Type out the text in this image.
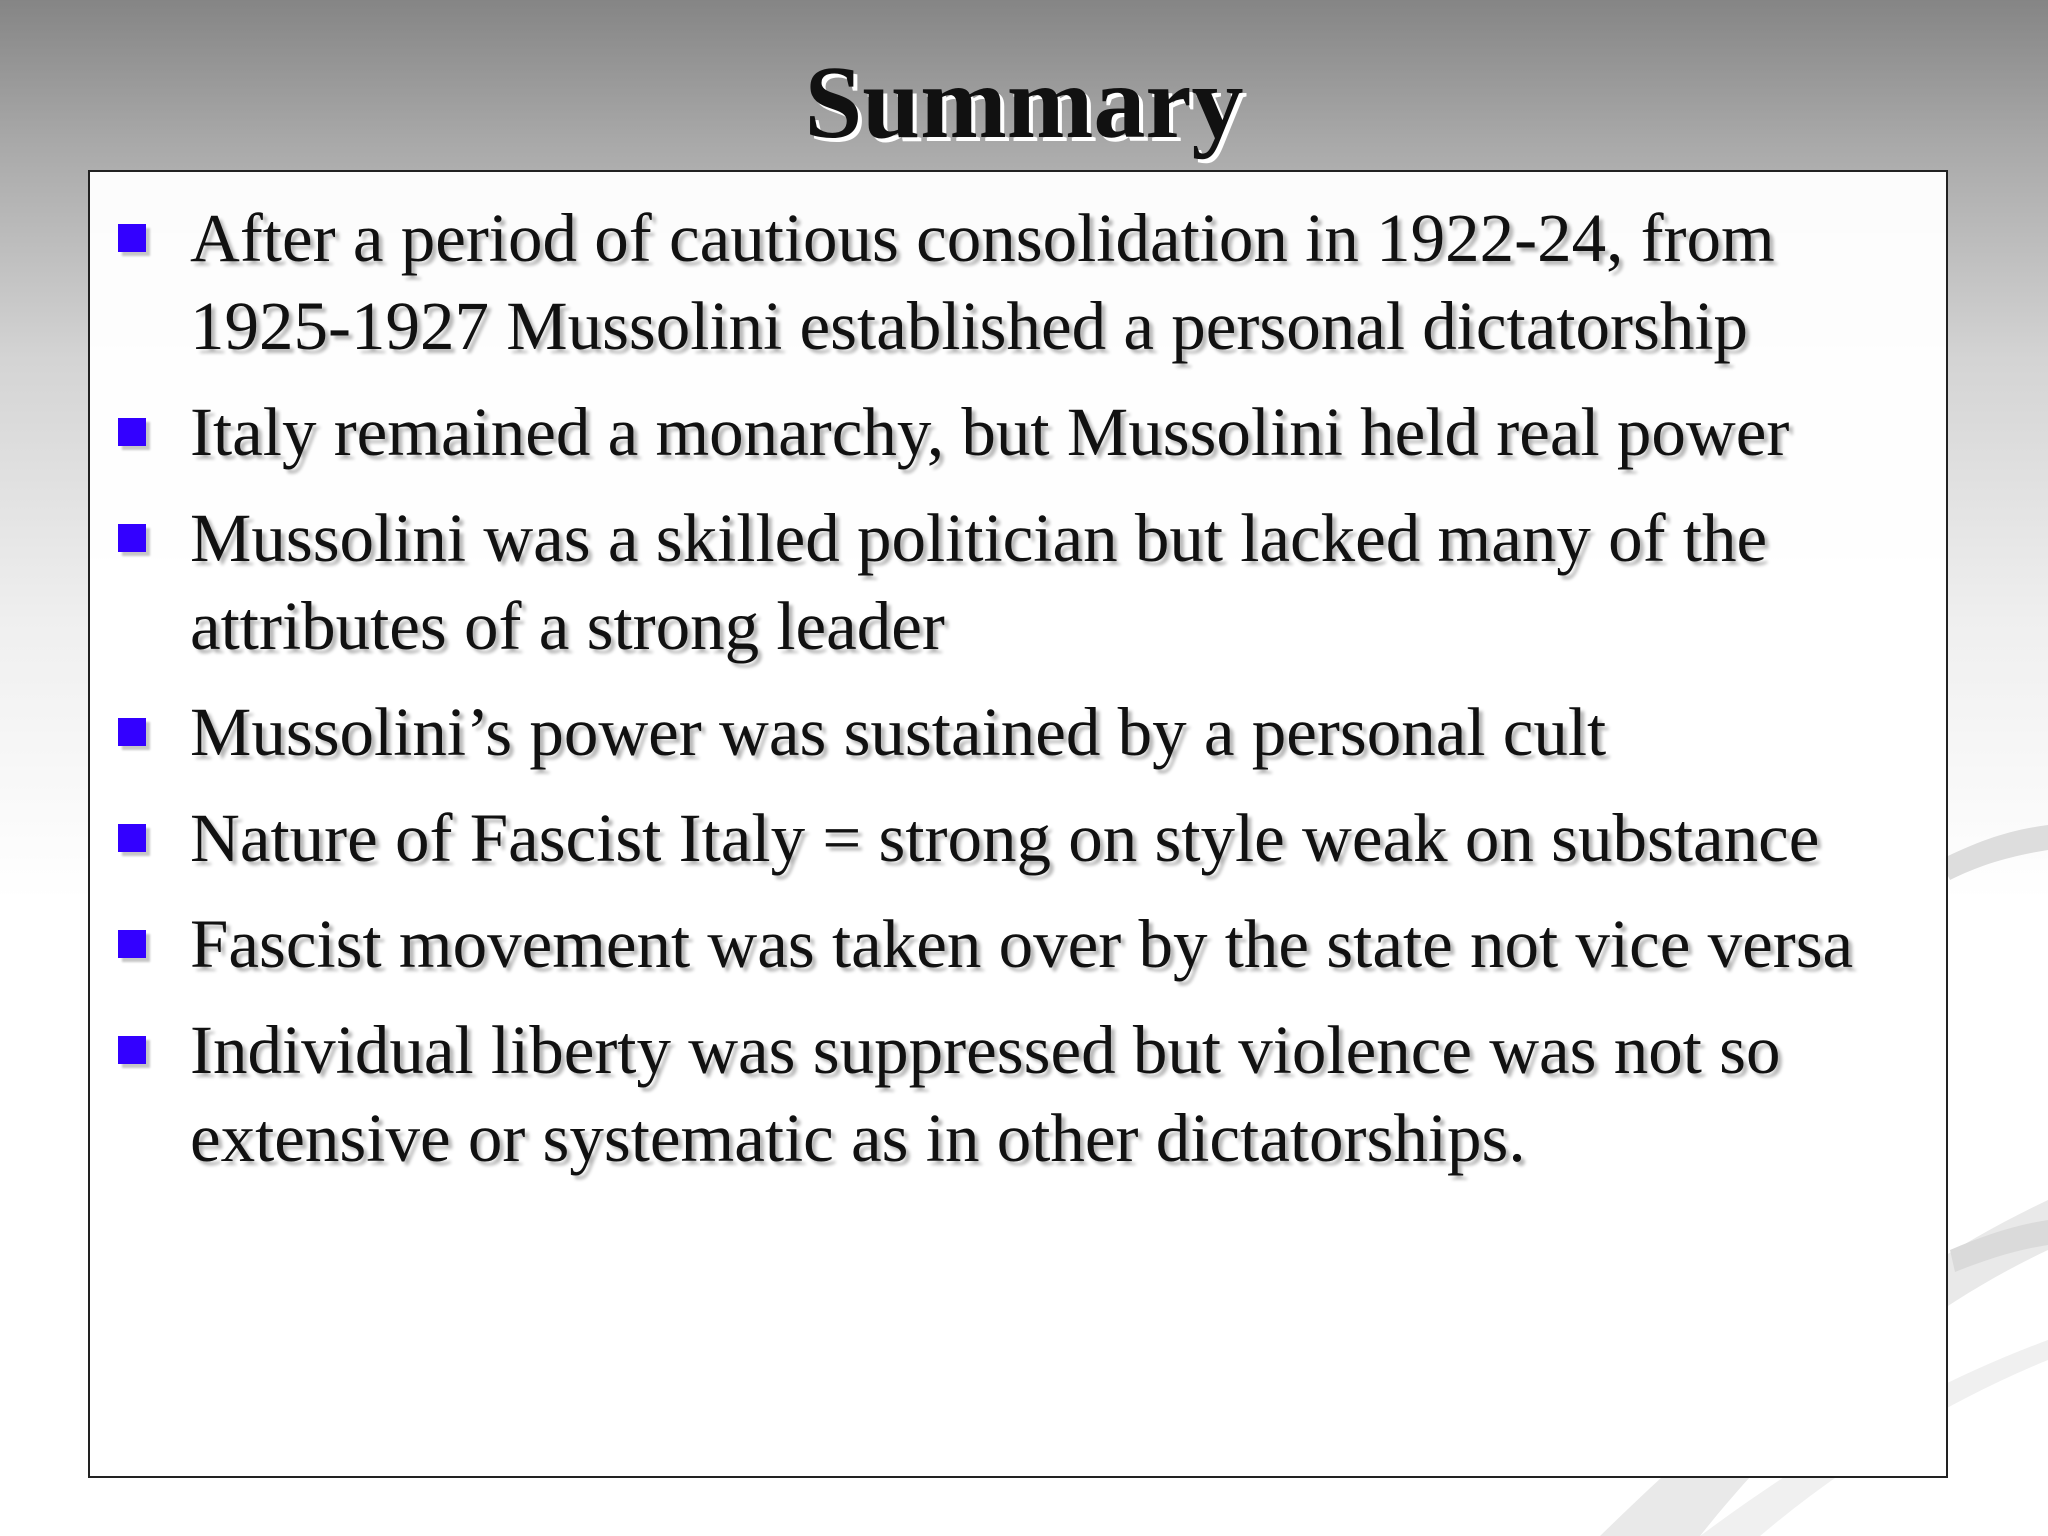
Summary
After a period of cautious consolidation in 1922-24, from 1925-1927 Mussolini established a personal dictatorship
Italy remained a monarchy, but Mussolini held real power
Mussolini was a skilled politician but lacked many of the attributes of a strong leader
Mussolini’s power was sustained by a personal cult
Nature of Fascist Italy = strong on style weak on substance
Fascist movement was taken over by the state not vice versa
Individual liberty was suppressed but violence was not so extensive or systematic as in other dictatorships.
